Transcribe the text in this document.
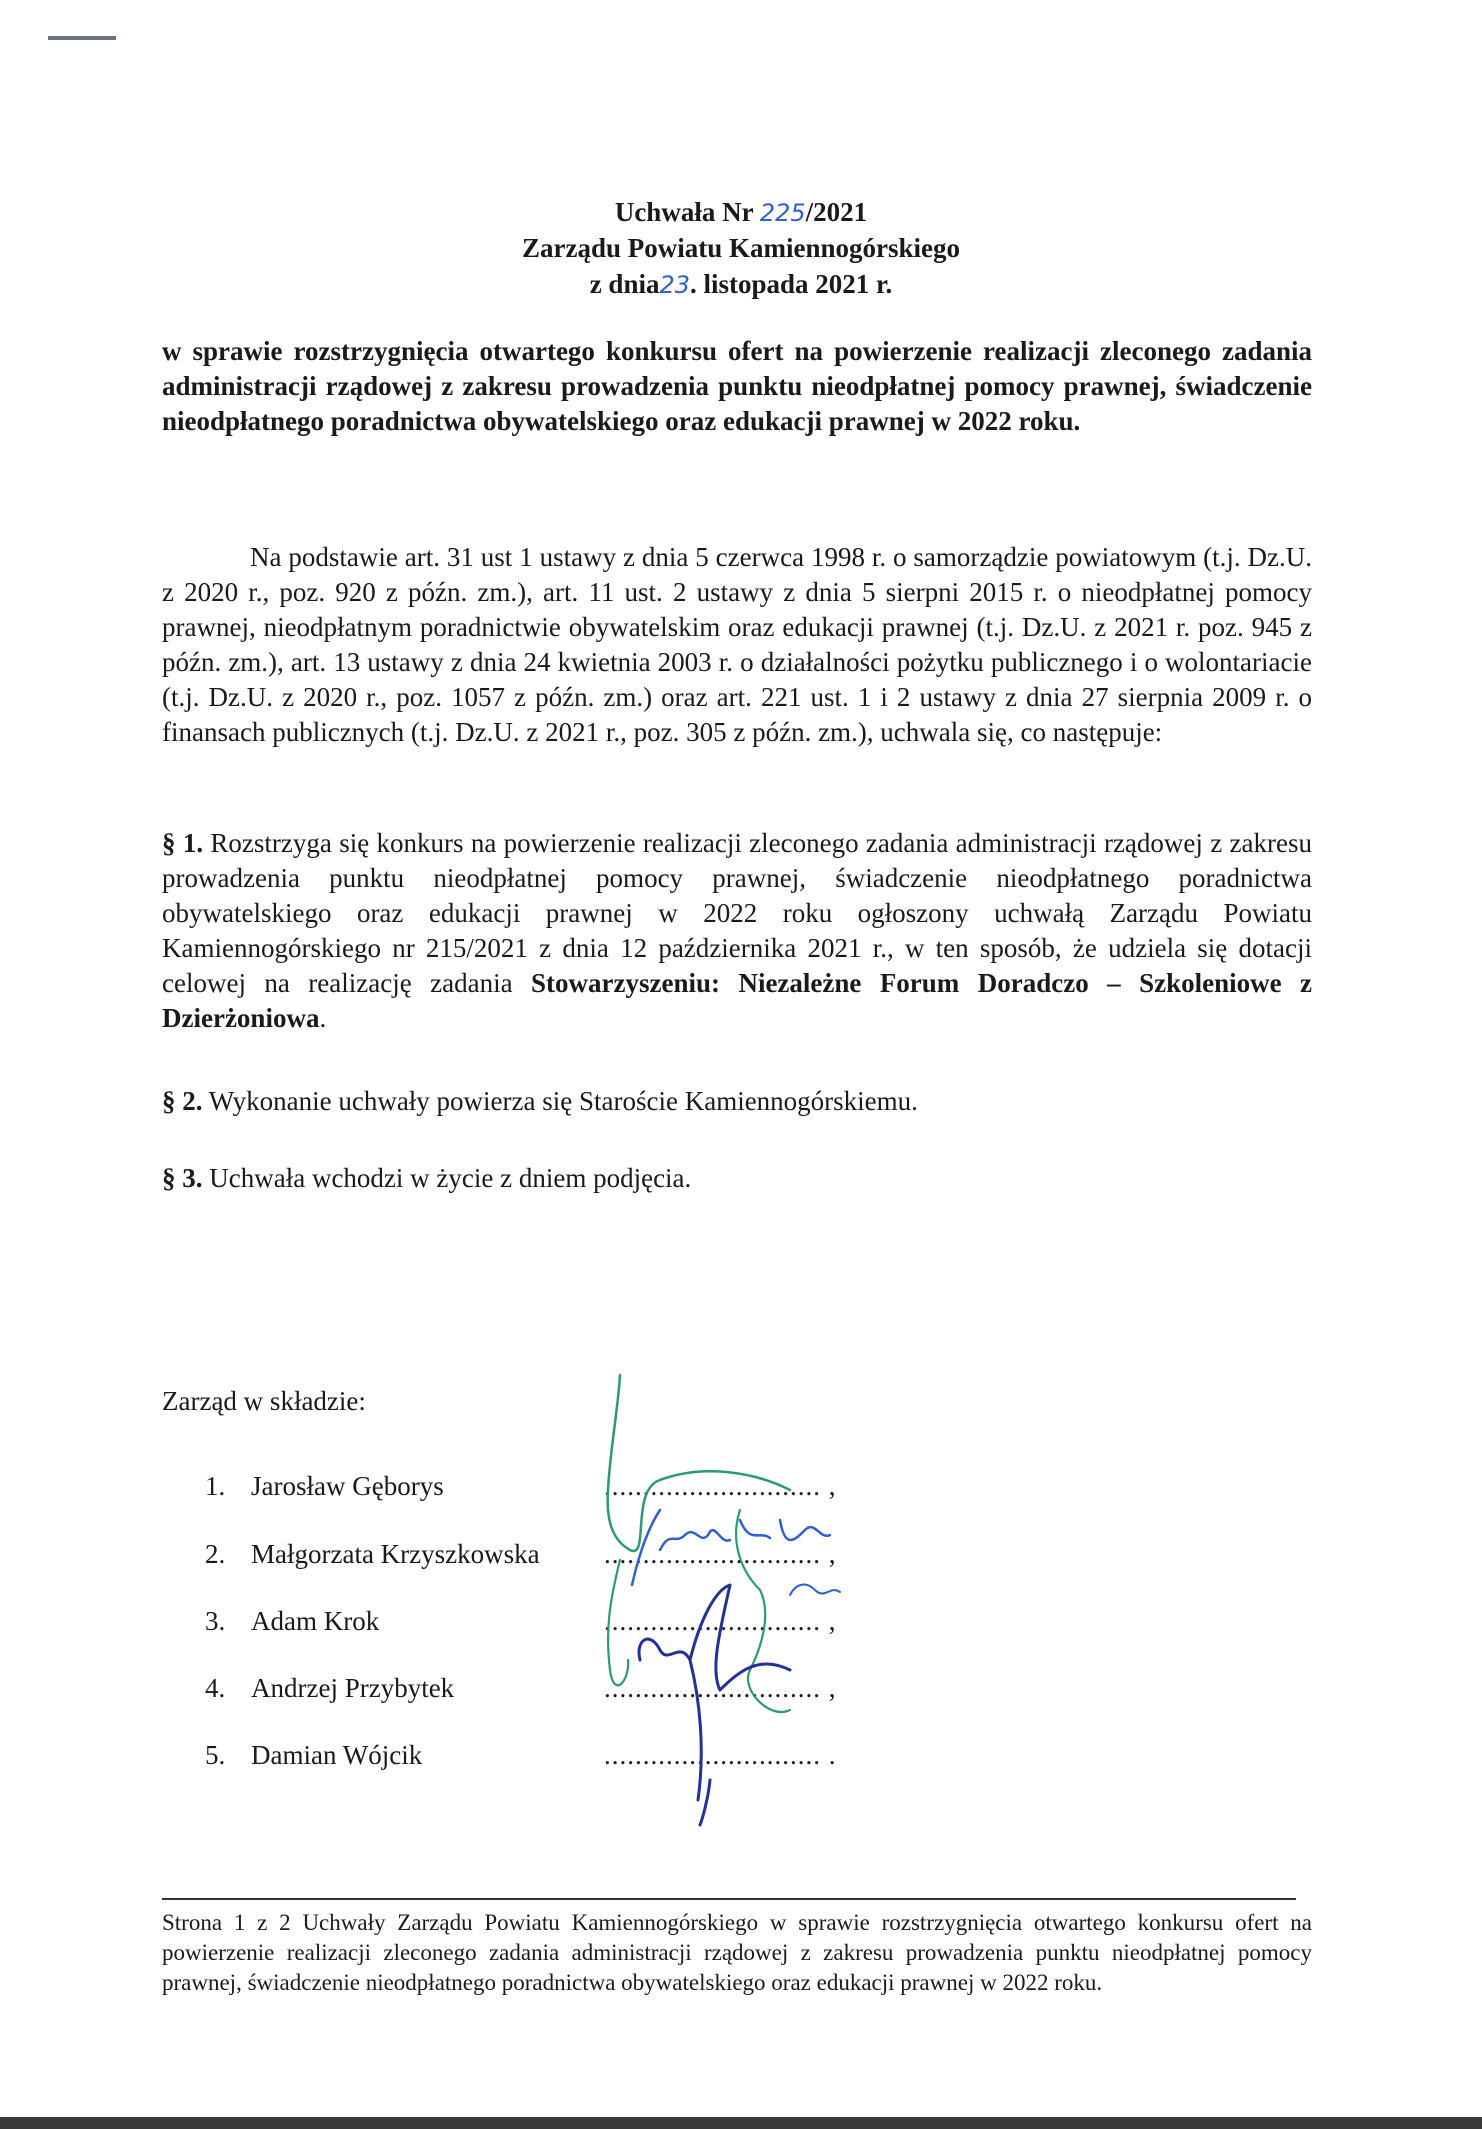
Uchwała Nr 225/2021
Zarządu Powiatu Kamiennogórskiego
z dnia23. listopada 2021 r.
w sprawie rozstrzygnięcia otwartego konkursu ofert na powierzenie realizacji zleconego zadania administracji rządowej z zakresu prowadzenia punktu nieodpłatnej pomocy prawnej, świadczenie nieodpłatnego poradnictwa obywatelskiego oraz edukacji prawnej w 2022 roku.
Na podstawie art. 31 ust 1 ustawy z dnia 5 czerwca 1998 r. o samorządzie powiatowym (t.j. Dz.U. z 2020 r., poz. 920 z późn. zm.), art. 11 ust. 2 ustawy z dnia 5 sierpni 2015 r. o nieodpłatnej pomocy prawnej, nieodpłatnym poradnictwie obywatelskim oraz edukacji prawnej (t.j. Dz.U. z 2021 r. poz. 945 z późn. zm.), art. 13 ustawy z dnia 24 kwietnia 2003 r. o działalności pożytku publicznego i o wolontariacie (t.j. Dz.U. z 2020 r., poz. 1057 z późn. zm.) oraz art. 221 ust. 1 i 2 ustawy z dnia 27 sierpnia 2009 r. o finansach publicznych (t.j. Dz.U. z 2021 r., poz. 305 z późn. zm.), uchwala się, co następuje:
§ 1. Rozstrzyga się konkurs na powierzenie realizacji zleconego zadania administracji rządowej z zakresu prowadzenia punktu nieodpłatnej pomocy prawnej, świadczenie nieodpłatnego poradnictwa obywatelskiego oraz edukacji prawnej w 2022 roku ogłoszony uchwałą Zarządu Powiatu Kamiennogórskiego nr 215/2021 z dnia 12 października 2021 r., w ten sposób, że udziela się dotacji celowej na realizację zadania Stowarzyszeniu: Niezależne Forum Doradczo – Szkoleniowe z Dzierżoniowa.
§ 2. Wykonanie uchwały powierza się Staroście Kamiennogórskiemu.
§ 3. Uchwała wchodzi w życie z dniem podjęcia.
Zarząd w składzie:
1. Jarosław Gęborys
2. Małgorzata Krzyszkowska
3. Adam Krok
4. Andrzej Przybytek
5. Damian Wójcik
............................ ,
............................ ,
............................ ,
............................ ,
............................ .
Strona 1 z 2 Uchwały Zarządu Powiatu Kamiennogórskiego w sprawie rozstrzygnięcia otwartego konkursu ofert na powierzenie realizacji zleconego zadania administracji rządowej z zakresu prowadzenia punktu nieodpłatnej pomocy prawnej, świadczenie nieodpłatnego poradnictwa obywatelskiego oraz edukacji prawnej w 2022 roku.
